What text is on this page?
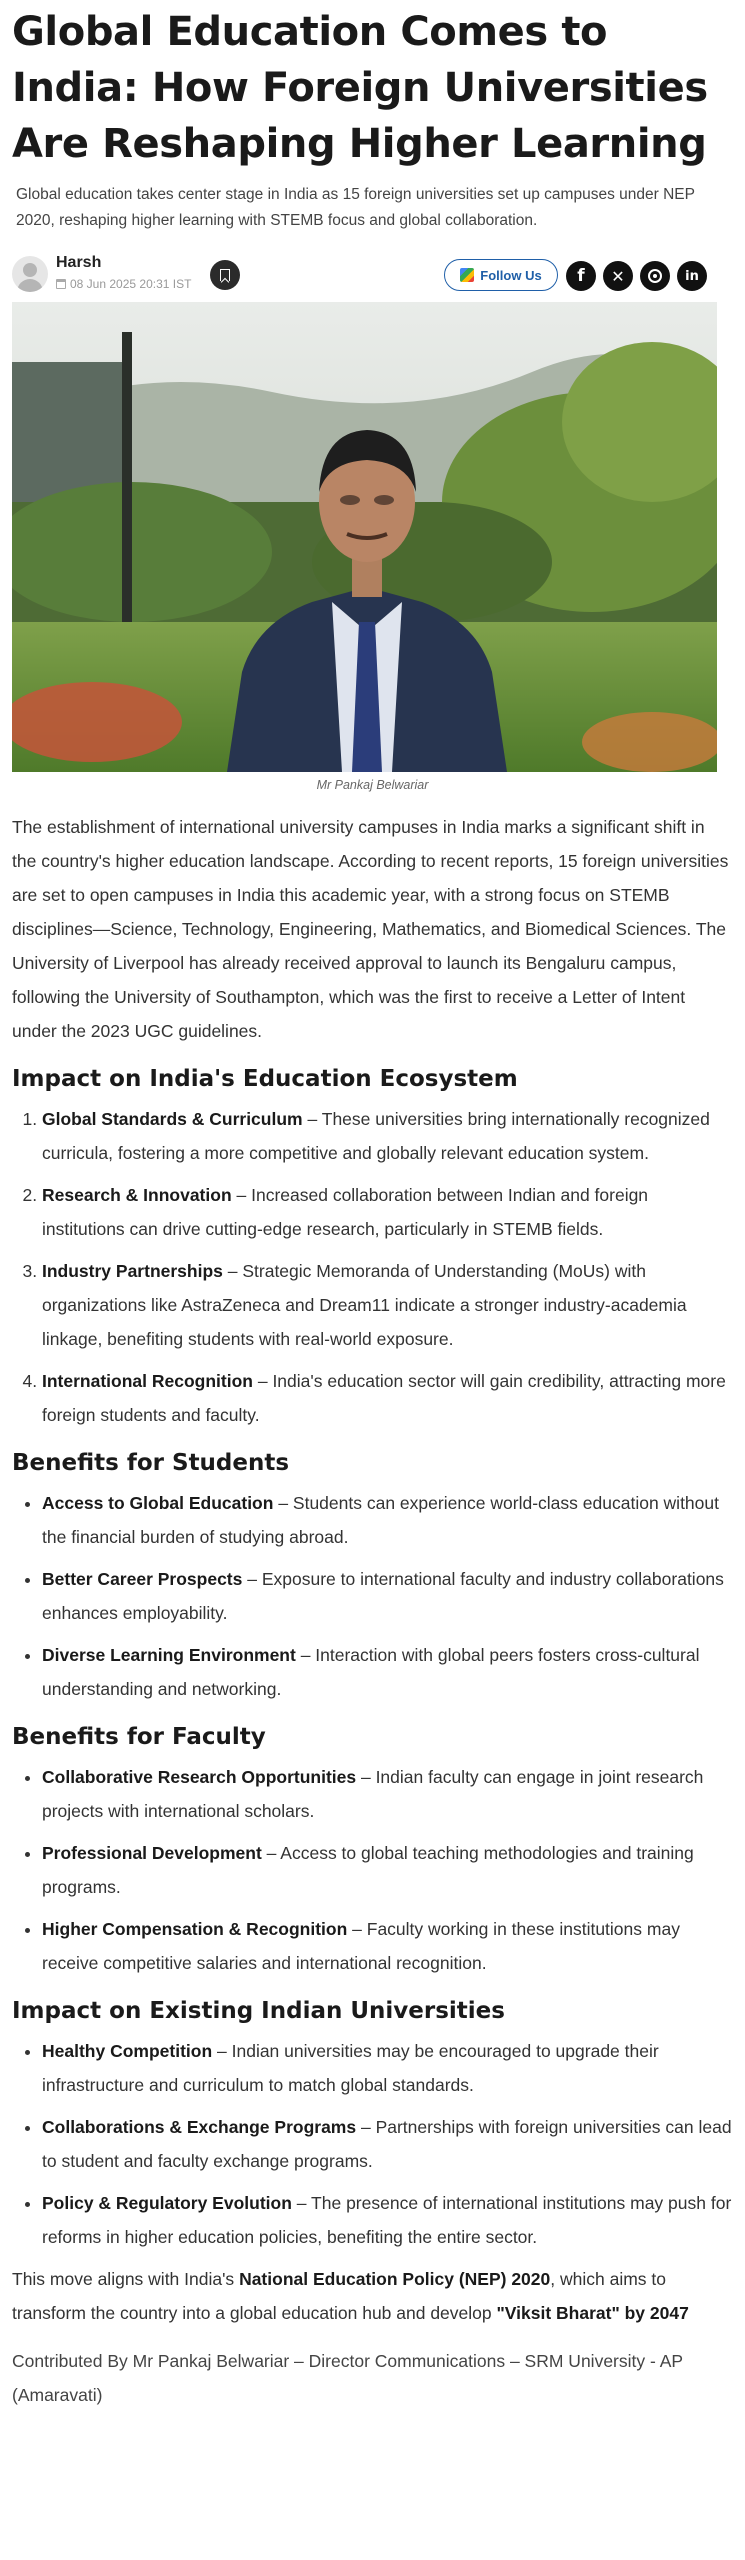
Global Education Comes to India: How Foreign Universities Are Reshaping Higher Learning

Global education takes center stage in India as 15 foreign universities set up campuses under NEP 2020, reshaping higher learning with STEMB focus and global collaboration.

Harsh
08 Jun 2025 20:31 IST
Follow Us f ✕	in
Mr Pankaj Belwariar

The establishment of international university campuses in India marks a significant shift in the country's higher education landscape. According to recent reports, 15 foreign universities are set to open campuses in India this academic year, with a strong focus on STEMB disciplines—Science, Technology, Engineering, Mathematics, and Biomedical Sciences. The University of Liverpool has already received approval to launch its Bengaluru campus, following the University of Southampton, which was the first to receive a Letter of Intent under the 2023 UGC guidelines.

Impact on India's Education Ecosystem
1. Global Standards & Curriculum – These universities bring internationally recognized curricula, fostering a more competitive and globally relevant education system.
2. Research & Innovation – Increased collaboration between Indian and foreign institutions can drive cutting-edge research, particularly in STEMB fields.
3. Industry Partnerships – Strategic Memoranda of Understanding (MoUs) with organizations like AstraZeneca and Dream11 indicate a stronger industry-academia linkage, benefiting students with real-world exposure.
4. International Recognition – India's education sector will gain credibility, attracting more foreign students and faculty.
Benefits for Students
• Access to Global Education – Students can experience world-class education without the financial burden of studying abroad.
• Better Career Prospects – Exposure to international faculty and industry collaborations enhances employability.
• Diverse Learning Environment – Interaction with global peers fosters cross-cultural understanding and networking.
Benefits for Faculty
• Collaborative Research Opportunities – Indian faculty can engage in joint research projects with international scholars.
• Professional Development – Access to global teaching methodologies and training programs.
• Higher Compensation & Recognition – Faculty working in these institutions may receive competitive salaries and international recognition.
Impact on Existing Indian Universities
• Healthy Competition – Indian universities may be encouraged to upgrade their infrastructure and curriculum to match global standards.
• Collaborations & Exchange Programs – Partnerships with foreign universities can lead to student and faculty exchange programs.
• Policy & Regulatory Evolution – The presence of international institutions may push for reforms in higher education policies, benefiting the entire sector.

This move aligns with India's National Education Policy (NEP) 2020, which aims to transform the country into a global education hub and develop "Viksit Bharat" by 2047

Contributed By Mr Pankaj Belwariar – Director Communications – SRM University - AP (Amaravati)
